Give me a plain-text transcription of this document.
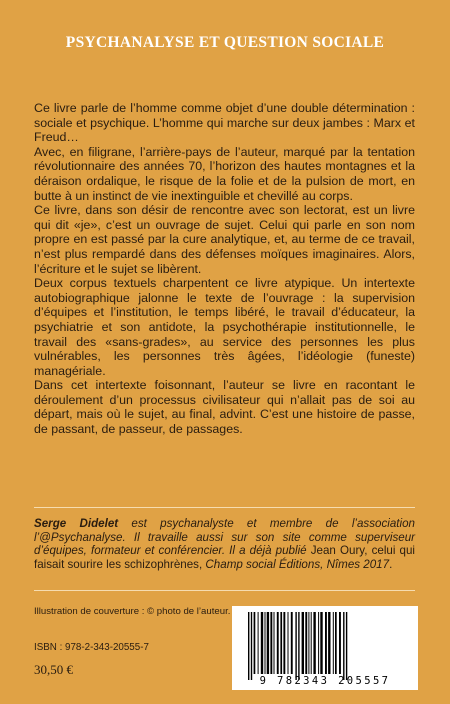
PSYCHANALYSE ET QUESTION SOCIALE

Ce livre parle de l’homme comme objet d’une double détermination : sociale et psychique. L’homme qui marche sur deux jambes : Marx et Freud…

Avec, en filigrane, l’arrière-pays de l’auteur, marqué par la tentation révolutionnaire des années 70, l’horizon des hautes montagnes et la déraison ordalique, le risque de la folie et de la pulsion de mort, en butte à un instinct de vie inextinguible et chevillé au corps.

Ce livre, dans son désir de rencontre avec son lectorat, est un livre qui dit «je», c’est un ouvrage de sujet. Celui qui parle en son nom propre en est passé par la cure analytique, et, au terme de ce travail, n’est plus rempardé dans des défenses moïques imaginaires. Alors, l’écriture et le sujet se libèrent.

Deux corpus textuels charpentent ce livre atypique. Un intertexte autobiographique jalonne le texte de l’ouvrage : la supervision d’équipes et l’institution, le temps libéré, le travail d’éducateur, la psychiatrie et son antidote, la psychothérapie institutionnelle, le travail des «sans-grades», au service des personnes les plus vulnérables, les personnes très âgées, l’idéologie (funeste) managériale.

Dans cet intertexte foisonnant, l’auteur se livre en racontant le déroulement d’un processus civilisateur qui n’allait pas de soi au départ, mais où le sujet, au final, advint. C’est une histoire de passe, de passant, de passeur, de passages.

Serge Didelet est psychanalyste et membre de l’association l’@Psychanalyse. Il travaille aussi sur son site comme superviseur d’équipes, formateur et conférencier. Il a déjà publié Jean Oury, celui qui faisait sourire les schizophrènes, Champ social Éditions, Nîmes 2017.

Illustration de couverture : © photo de l’auteur.
ISBN : 978-2-343-20555-7
30,50 €
9 782343 205557
